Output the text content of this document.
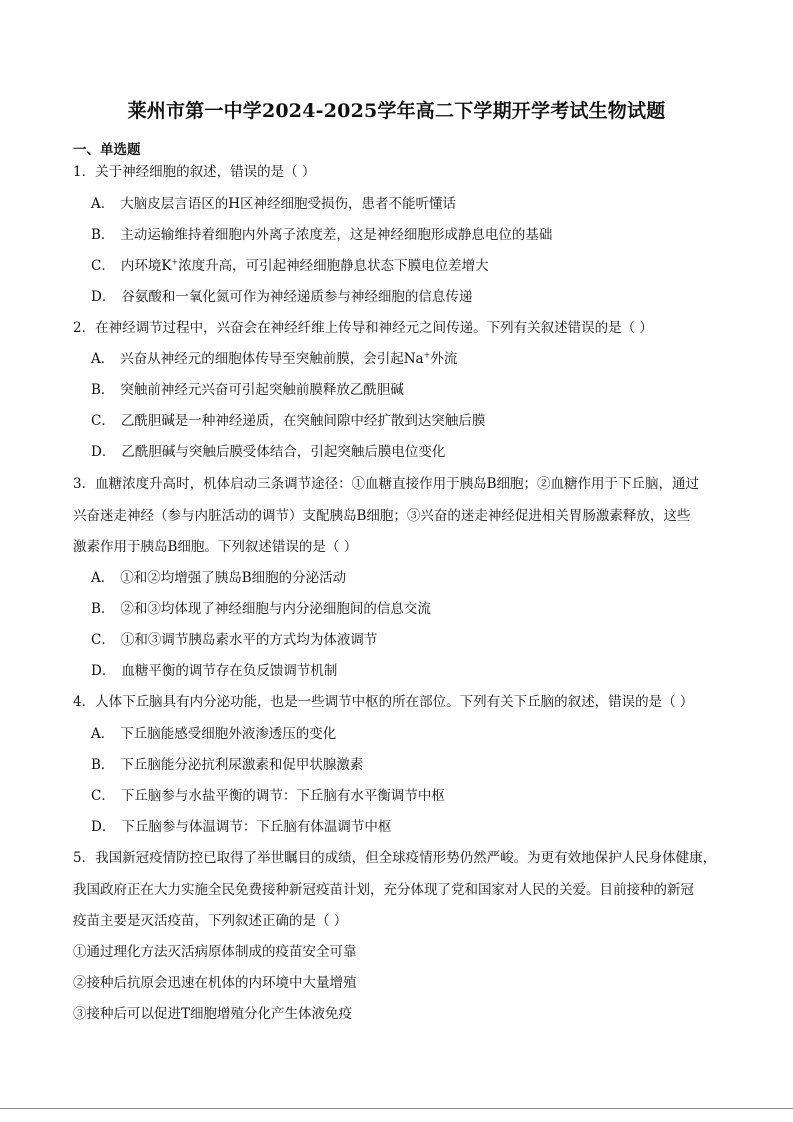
莱州市第一中学2024-2025学年高二下学期开学考试生物试题
一、单选题
1．关于神经细胞的叙述，错误的是（ ）
A． 大脑皮层言语区的H区神经细胞受损伤，患者不能听懂话
B． 主动运输维持着细胞内外离子浓度差，这是神经细胞形成静息电位的基础
C． 内环境K+浓度升高，可引起神经细胞静息状态下膜电位差增大
D． 谷氨酸和一氧化氮可作为神经递质参与神经细胞的信息传递
2．在神经调节过程中，兴奋会在神经纤维上传导和神经元之间传递。下列有关叙述错误的是（ ）
A． 兴奋从神经元的细胞体传导至突触前膜，会引起Na+外流
B． 突触前神经元兴奋可引起突触前膜释放乙酰胆碱
C． 乙酰胆碱是一种神经递质，在突触间隙中经扩散到达突触后膜
D． 乙酰胆碱与突触后膜受体结合，引起突触后膜电位变化
3．血糖浓度升高时，机体启动三条调节途径：①血糖直接作用于胰岛B细胞；②血糖作用于下丘脑，通过
兴奋迷走神经（参与内脏活动的调节）支配胰岛B细胞；③兴奋的迷走神经促进相关胃肠激素释放，这些
激素作用于胰岛B细胞。下列叙述错误的是（ ）
A． ①和②均增强了胰岛B细胞的分泌活动
B． ②和③均体现了神经细胞与内分泌细胞间的信息交流
C． ①和③调节胰岛素水平的方式均为体液调节
D． 血糖平衡的调节存在负反馈调节机制
4．人体下丘脑具有内分泌功能，也是一些调节中枢的所在部位。下列有关下丘脑的叙述，错误的是（ ）
A． 下丘脑能感受细胞外液渗透压的变化
B． 下丘脑能分泌抗利尿激素和促甲状腺激素
C． 下丘脑参与水盐平衡的调节：下丘脑有水平衡调节中枢
D． 下丘脑参与体温调节：下丘脑有体温调节中枢
5．我国新冠疫情防控已取得了举世瞩目的成绩，但全球疫情形势仍然严峻。为更有效地保护人民身体健康，
我国政府正在大力实施全民免费接种新冠疫苗计划，充分体现了党和国家对人民的关爱。目前接种的新冠
疫苗主要是灭活疫苗，下列叙述正确的是（ ）
①通过理化方法灭活病原体制成的疫苗安全可靠
②接种后抗原会迅速在机体的内环境中大量增殖
③接种后可以促进T细胞增殖分化产生体液免疫
